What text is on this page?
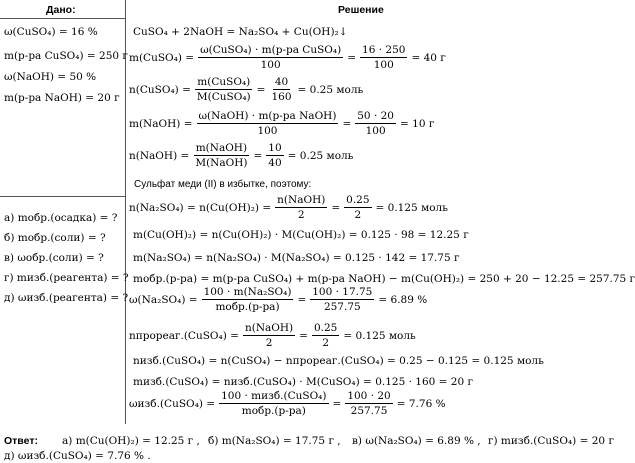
Дано:	Решение
ω(CuSO₄) = 16 %
m(р-ра CuSO₄) = 250 г
ω(NaOH) = 50 %
m(р-ра NaOH) = 20 г
а) mобр.(осадка) = ?
б) mобр.(соли) = ?
в) ωобр.(соли) = ?
г) mизб.(реагента) = ?
д) ωизб.(реагента) = ?
CuSO₄ + 2NaOH = Na₂SO₄ + Cu(OH)₂↓
m(CuSO₄) = $\frac{\text{ω(CuSO₄) · m(р-ра CuSO₄)}}{100} = \frac{16 \cdot 250}{100} = 40$ г
n(CuSO₄) = $\frac{\text{m(CuSO₄)}}{\text{M(CuSO₄)}} = \frac{40}{160} = 0.25$ моль
m(NaOH) = $\frac{\text{ω(NaOH) · m(р-ра NaOH)}}{100} = \frac{50 \cdot 20}{100} = 10$ г
n(NaOH) = $\frac{\text{m(NaOH)}}{\text{M(NaOH)}} = \frac{10}{40} = 0.25$ моль
Сульфат меди (II) в избытке, поэтому:
$n(Na_2SO_4) = n(Cu(OH)_2) = \frac{\text{n(NaOH)}}{2} = \frac{0.25}{2} = 0.125$ моль
m(Cu(OH)₂) = n(Cu(OH)₂) · M(Cu(OH)₂) = 0.125 · 98 = 12.25 г
m(Na₂SO₄) = n(Na₂SO₄) · M(Na₂SO₄) = 0.125 · 142 = 17.75 г
mобр.(р-ра) = m(р-ра CuSO₄) + m(р-ра NaOH) − m(Cu(OH)₂) = 250 + 20 − 12.25 = 257.75 г
$\omega(Na_2SO_4) = \frac{\text{100 · m(Na₂SO₄)}}{\text{mобр.(р-ра)}} = \frac{100 \cdot 17.75}{257.75} = 6.89$ %
nпрореаг.(CuSO₄) = $\frac{\text{n(NaOH)}}{2} = \frac{0.25}{2} = 0.125$ моль
nизб.(CuSO₄) = n(CuSO₄) − nпрореаг.(CuSO₄) = 0.25 − 0.125 = 0.125 моль
mизб.(CuSO₄) = nизб.(CuSO₄) · M(CuSO₄) = 0.125 · 160 = 20 г
ωизб.(CuSO₄) = $\frac{\text{100 · mизб.(CuSO₄)}}{\text{mобр.(р-ра)}} = \frac{100 \cdot 20}{257.75} = 7.76$ %
Ответ: а) m(Cu(OH)₂) = 12.25 г , б) m(Na₂SO₄) = 17.75 г , в) ω(Na₂SO₄) = 6.89 % , г) mизб.(CuSO₄) = 20 г
д) ωизб.(CuSO₄) = 7.76 % .
